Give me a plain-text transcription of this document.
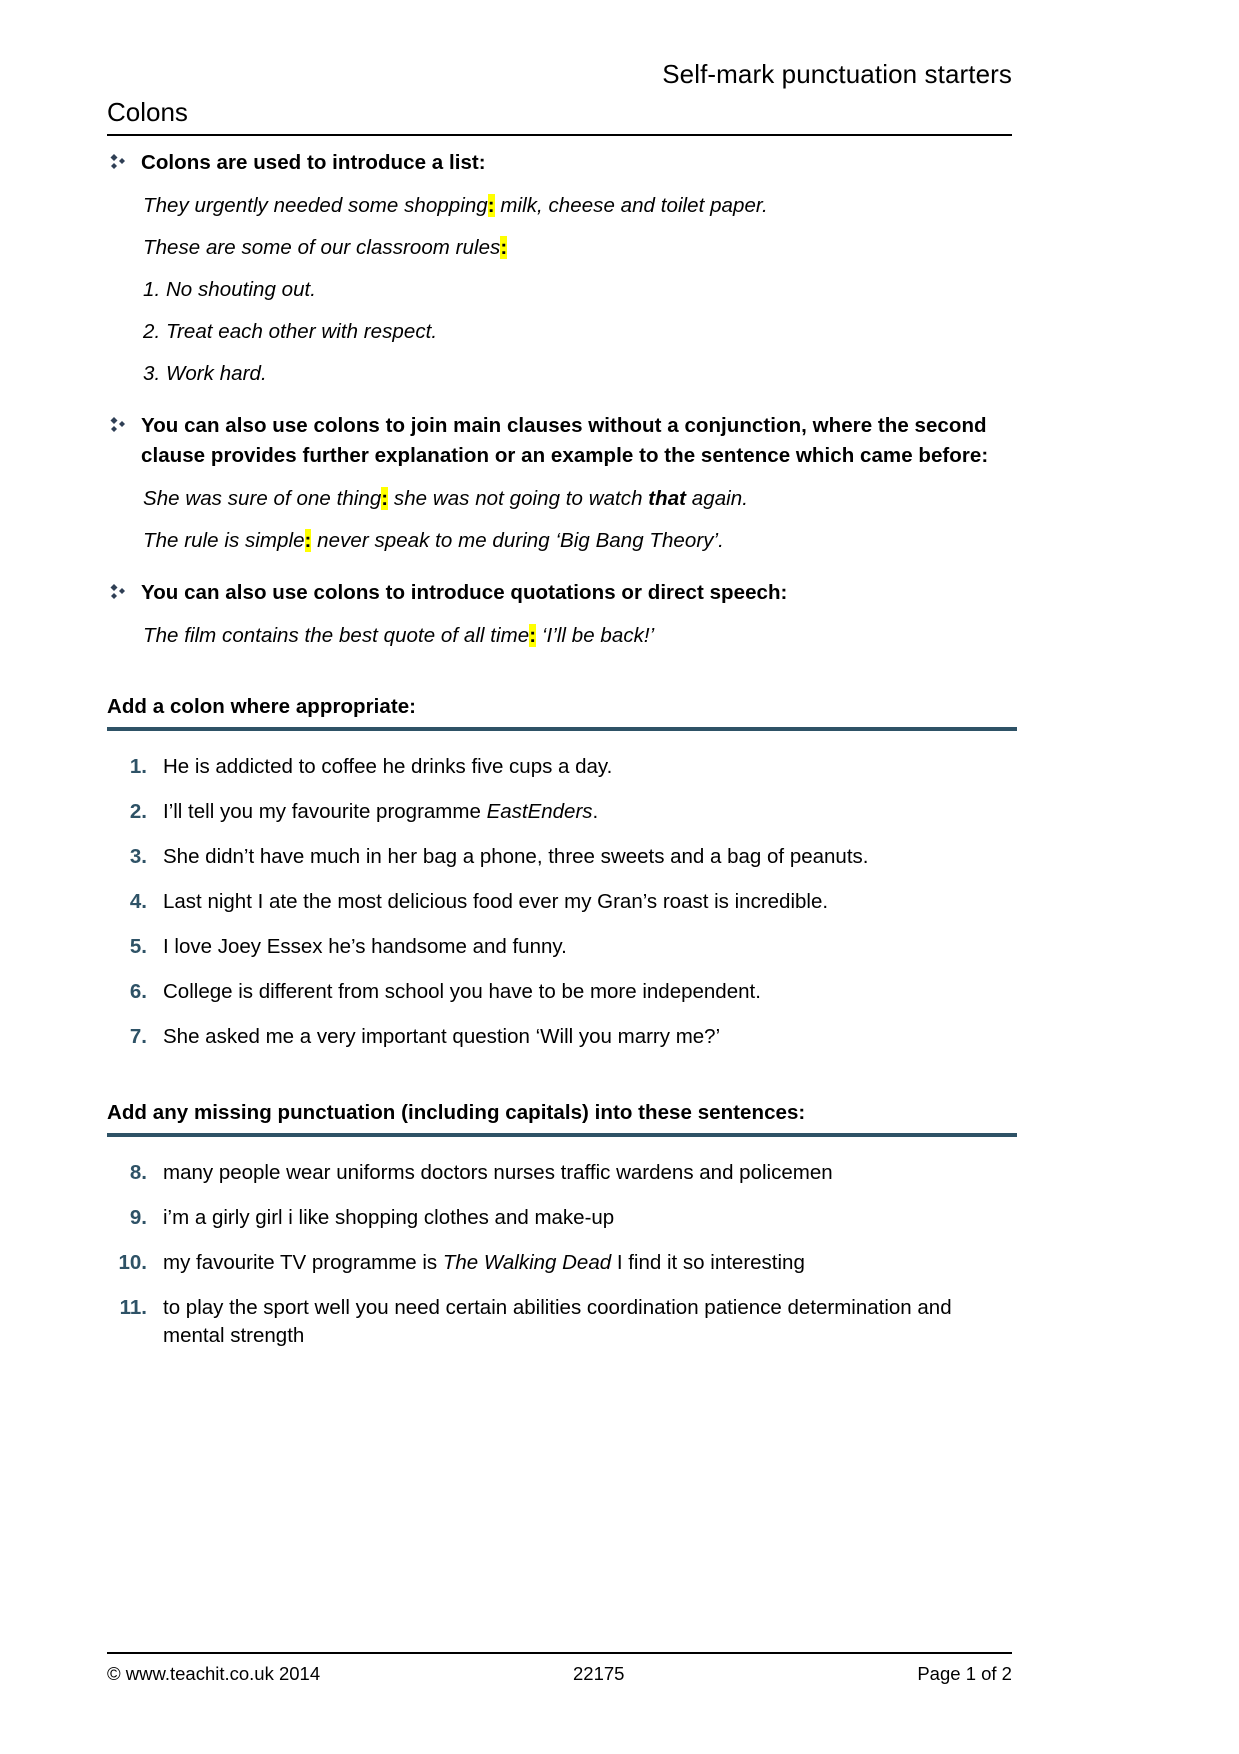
Self-mark punctuation starters
Colons
Colons are used to introduce a list:
They urgently needed some shopping: milk, cheese and toilet paper.
These are some of our classroom rules:
1. No shouting out.
2. Treat each other with respect.
3. Work hard.
You can also use colons to join main clauses without a conjunction, where the second clause provides further explanation or an example to the sentence which came before:
She was sure of one thing: she was not going to watch that again.
The rule is simple: never speak to me during ‘Big Bang Theory’.
You can also use colons to introduce quotations or direct speech:
The film contains the best quote of all time: ‘I’ll be back!’
Add a colon where appropriate:
1. He is addicted to coffee he drinks five cups a day.
2. I’ll tell you my favourite programme EastEnders.
3. She didn’t have much in her bag a phone, three sweets and a bag of peanuts.
4. Last night I ate the most delicious food ever my Gran’s roast is incredible.
5. I love Joey Essex he’s handsome and funny.
6. College is different from school you have to be more independent.
7. She asked me a very important question ‘Will you marry me?’
Add any missing punctuation (including capitals) into these sentences:
8. many people wear uniforms doctors nurses traffic wardens and policemen
9. i’m a girly girl i like shopping clothes and make-up
10. my favourite TV programme is The Walking Dead I find it so interesting
11. to play the sport well you need certain abilities coordination patience determination and mental strength
© www.teachit.co.uk 2014	22175	Page 1 of 2
